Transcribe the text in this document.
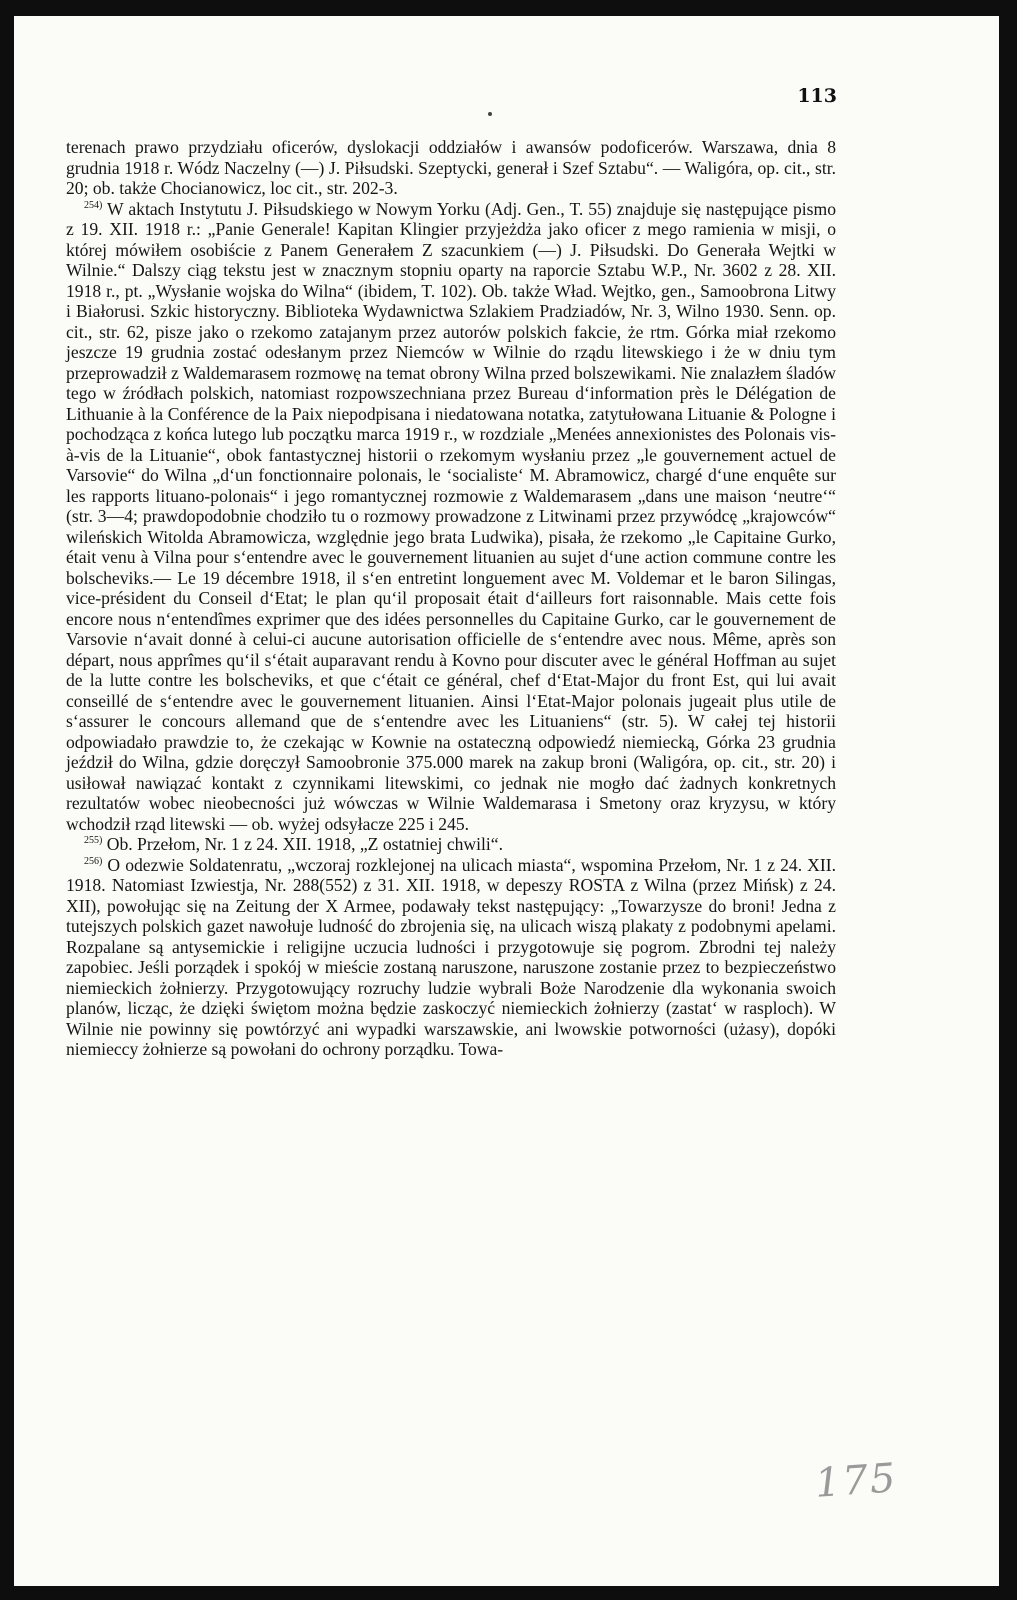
113

terenach prawo przydziału oficerów, dyslokacji oddziałów i awansów podoficerów. Warszawa, dnia 8 grudnia 1918 r. Wódz Naczelny (—) J. Piłsudski. Szeptycki, generał i Szef Sztabu“. — Waligóra, op. cit., str. 20; ob. także Chocianowicz, loc cit., str. 202-3.

$^{254)}$ W aktach Instytutu J. Piłsudskiego w Nowym Yorku (Adj. Gen., T. 55) znajduje się następujące pismo z 19. XII. 1918 r.: „Panie Generale! Kapitan Klingier przyjeżdża jako oficer z mego ramienia w misji, o której mówiłem osobiście z Panem Generałem Z szacunkiem (—) J. Piłsudski. Do Generała Wejtki w Wilnie.“ Dalszy ciąg tekstu jest w znacznym stopniu oparty na raporcie Sztabu W.P., Nr. 3602 z 28. XII. 1918 r., pt. „Wysłanie wojska do Wilna“ (ibidem, T. 102). Ob. także Wład. Wejtko, gen., Samoobrona Litwy i Białorusi. Szkic historyczny. Biblioteka Wydawnictwa Szlakiem Pradziadów, Nr. 3, Wilno 1930. Senn. op. cit., str. 62, pisze jako o rzekomo zatajanym przez autorów polskich fakcie, że rtm. Górka miał rzekomo jeszcze 19 grudnia zostać odesłanym przez Niemców w Wilnie do rządu litewskiego i że w dniu tym przeprowadził z Waldemarasem rozmowę na temat obrony Wilna przed bolszewikami. Nie znalazłem śladów tego w źródłach polskich, natomiast rozpowszechniana przez Bureau d‘information près le Délégation de Lithuanie à la Conférence de la Paix niepodpisana i niedatowana notatka, zatytułowana Lituanie & Pologne i pochodząca z końca lutego lub początku marca 1919 r., w rozdziale „Menées annexionistes des Polonais vis-à-vis de la Lituanie“, obok fantastycznej historii o rzekomym wysłaniu przez „le gouvernement actuel de Varsovie“ do Wilna „d‘un fonctionnaire polonais, le ‘socialiste‘ M. Abramowicz, chargé d‘une enquête sur les rapports lituano-polonais“ i jego romantycznej rozmowie z Waldemarasem „dans une maison ‘neutre‘“ (str. 3—4; prawdopodobnie chodziło tu o rozmowy prowadzone z Litwinami przez przywódcę „krajowców“ wileńskich Witolda Abramowicza, względnie jego brata Ludwika), pisała, że rzekomo „le Capitaine Gurko, était venu à Vilna pour s‘entendre avec le gouvernement lituanien au sujet d‘une action commune contre les bolscheviks.— Le 19 décembre 1918, il s‘en entretint longuement avec M. Voldemar et le baron Silingas, vice-président du Conseil d‘Etat; le plan qu‘il proposait était d‘ailleurs fort raisonnable. Mais cette fois encore nous n‘entendîmes exprimer que des idées personnelles du Capitaine Gurko, car le gouvernement de Varsovie n‘avait donné à celui-ci aucune autorisation officielle de s‘entendre avec nous. Même, après son départ, nous apprîmes qu‘il s‘était auparavant rendu à Kovno pour discuter avec le général Hoffman au sujet de la lutte contre les bolscheviks, et que c‘était ce général, chef d‘Etat-Major du front Est, qui lui avait conseillé de s‘entendre avec le gouvernement lituanien. Ainsi l‘Etat-Major polonais jugeait plus utile de s‘assurer le concours allemand que de s‘entendre avec les Lituaniens“ (str. 5). W całej tej historii odpowiadało prawdzie to, że czekając w Kownie na ostateczną odpowiedź niemiecką, Górka 23 grudnia jeździł do Wilna, gdzie doręczył Samoobronie 375.000 marek na zakup broni (Waligóra, op. cit., str. 20) i usiłował nawiązać kontakt z czynnikami litewskimi, co jednak nie mogło dać żadnych konkretnych rezultatów wobec nieobecności już wówczas w Wilnie Waldemarasa i Smetony oraz kryzysu, w który wchodził rząd litewski — ob. wyżej odsyłacze 225 i 245.

$^{255)}$ Ob. Przełom, Nr. 1 z 24. XII. 1918, „Z ostatniej chwili“.

$^{256)}$ O odezwie Soldatenratu, „wczoraj rozklejonej na ulicach miasta“, wspomina Przełom, Nr. 1 z 24. XII. 1918. Natomiast Izwiestja, Nr. 288(552) z 31. XII. 1918, w depeszy ROSTA z Wilna (przez Mińsk) z 24. XII), powołując się na Zeitung der X Armee, podawały tekst następujący: „Towarzysze do broni! Jedna z tutejszych polskich gazet nawołuje ludność do zbrojenia się, na ulicach wiszą plakaty z podobnymi apelami. Rozpalane są antysemickie i religijne uczucia ludności i przygotowuje się pogrom. Zbrodni tej należy zapobiec. Jeśli porządek i spokój w mieście zostaną naruszone, naruszone zostanie przez to bezpieczeństwo niemieckich żołnierzy. Przygotowujący rozruchy ludzie wybrali Boże Narodzenie dla wykonania swoich planów, licząc, że dzięki świętom można będzie zaskoczyć niemieckich żołnierzy (zastat‘ w rasploch). W Wilnie nie powinny się powtórzyć ani wypadki warszawskie, ani lwowskie potworności (użasy), dopóki niemieccy żołnierze są powołani do ochrony porządku. Towa-

175
